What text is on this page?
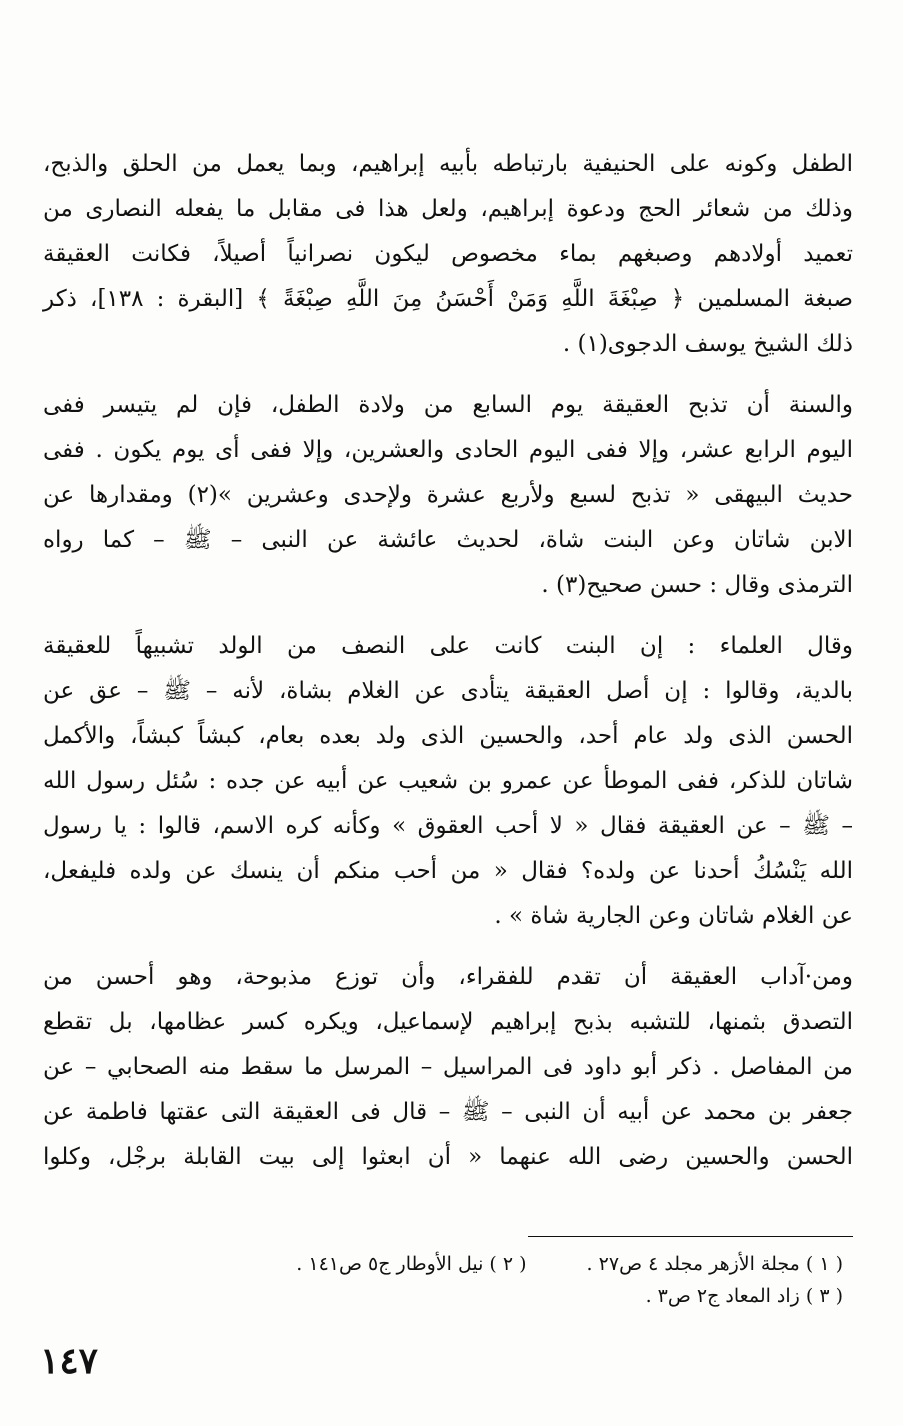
الطفل وكونه على الحنيفية بارتباطه بأبيه إبراهيم، وبما يعمل من الحلق والذبح،
وذلك من شعائر الحج ودعوة إبراهيم، ولعل هذا فى مقابل ما يفعله النصارى من
تعميد أولادهم وصبغهم بماء مخصوص ليكون نصرانياً أصيلاً، فكانت العقيقة
صبغة المسلمين ﴿ صِبْغَةَ اللَّهِ وَمَنْ أَحْسَنُ مِنَ اللَّهِ صِبْغَةً ﴾ [البقرة : ١٣٨]، ذكر
ذلك الشيخ يوسف الدجوى(١) .
والسنة أن تذبح العقيقة يوم السابع من ولادة الطفل، فإن لم يتيسر ففى
اليوم الرابع عشر، وإلا ففى اليوم الحادى والعشرين، وإلا ففى أى يوم يكون . ففى
حديث البيهقى « تذبح لسبع ولأربع عشرة ولإحدى وعشرين »(٢) ومقدارها عن
الابن شاتان وعن البنت شاة، لحديث عائشة عن النبى – ﷺ – كما رواه
الترمذى وقال : حسن صحيح(٣) .
وقال العلماء : إن البنت كانت على النصف من الولد تشبيهاً للعقيقة
بالدية، وقالوا : إن أصل العقيقة يتأدى عن الغلام بشاة، لأنه – ﷺ – عق عن
الحسن الذى ولد عام أحد، والحسين الذى ولد بعده بعام، كبشاً كبشاً، والأكمل
شاتان للذكر، ففى الموطأ عن عمرو بن شعيب عن أبيه عن جده : سُئل رسول الله
– ﷺ – عن العقيقة فقال « لا أحب العقوق » وكأنه كره الاسم، قالوا : يا رسول
الله يَنْسُكُ أحدنا عن ولده؟ فقال « من أحب منكم أن ينسك عن ولده فليفعل،
عن الغلام شاتان وعن الجارية شاة » .
ومن·آداب العقيقة أن تقدم للفقراء، وأن توزع مذبوحة، وهو أحسن من
التصدق بثمنها، للتشبه بذبح إبراهيم لإسماعيل، ويكره كسر عظامها، بل تقطع
من المفاصل . ذكر أبو داود فى المراسيل – المرسل ما سقط منه الصحابي – عن
جعفر بن محمد عن أبيه أن النبى – ﷺ – قال فى العقيقة التى عقتها فاطمة عن
الحسن والحسين رضى الله عنهما « أن ابعثوا إلى بيت القابلة برجْل، وكلوا
( ١ ) مجلة الأزهر مجلد ٤ ص٢٧ .
( ٢ ) نيل الأوطار ج٥ ص١٤١ .
( ٣ ) زاد المعاد ج٢ ص٣ .
١٤٧
